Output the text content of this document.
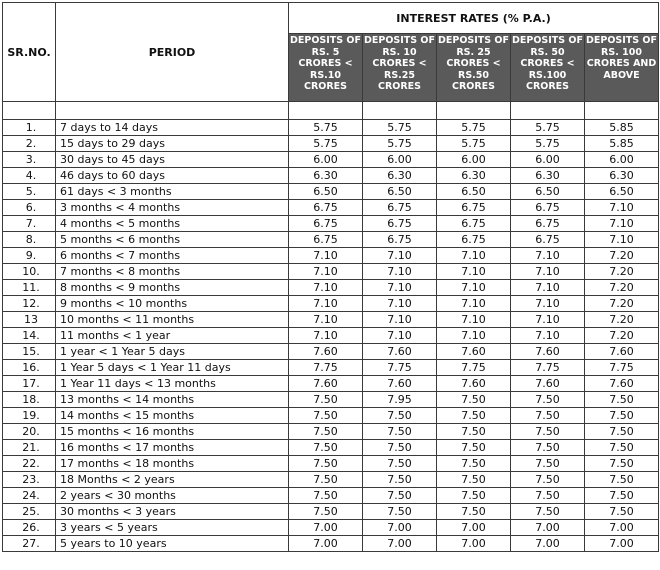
SR.NO.	PERIOD	INTEREST RATES (% P.A.)				
		DEPOSITS OF RS. 5 CRORES < RS.10 CRORES	DEPOSITS OF RS. 10 CRORES < RS.25 CRORES	DEPOSITS OF RS. 25 CRORES < RS.50 CRORES	DEPOSITS OF RS. 50 CRORES < RS.100 CRORES	DEPOSITS OF RS. 100 CRORES AND ABOVE

1.	7 days to 14 days	5.75	5.75	5.75	5.75	5.85
2.	15 days to 29 days	5.75	5.75	5.75	5.75	5.85
3.	30 days to 45 days	6.00	6.00	6.00	6.00	6.00
4.	46 days to 60 days	6.30	6.30	6.30	6.30	6.30
5.	61 days < 3 months	6.50	6.50	6.50	6.50	6.50
6.	3 months < 4 months	6.75	6.75	6.75	6.75	7.10
7.	4 months < 5 months	6.75	6.75	6.75	6.75	7.10
8.	5 months < 6 months	6.75	6.75	6.75	6.75	7.10
9.	6 months < 7 months	7.10	7.10	7.10	7.10	7.20
10.	7 months < 8 months	7.10	7.10	7.10	7.10	7.20
11.	8 months < 9 months	7.10	7.10	7.10	7.10	7.20
12.	9 months < 10 months	7.10	7.10	7.10	7.10	7.20
13	10 months < 11 months	7.10	7.10	7.10	7.10	7.20
14.	11 months < 1 year	7.10	7.10	7.10	7.10	7.20
15.	1 year < 1 Year 5 days	7.60	7.60	7.60	7.60	7.60
16.	1 Year 5 days < 1 Year 11 days	7.75	7.75	7.75	7.75	7.75
17.	1 Year 11 days < 13 months	7.60	7.60	7.60	7.60	7.60
18.	13 months < 14 months	7.50	7.95	7.50	7.50	7.50
19.	14 months < 15 months	7.50	7.50	7.50	7.50	7.50
20.	15 months < 16 months	7.50	7.50	7.50	7.50	7.50
21.	16 months < 17 months	7.50	7.50	7.50	7.50	7.50
22.	17 months < 18 months	7.50	7.50	7.50	7.50	7.50
23.	18 Months < 2 years	7.50	7.50	7.50	7.50	7.50
24.	2 years < 30 months	7.50	7.50	7.50	7.50	7.50
25.	30 months < 3 years	7.50	7.50	7.50	7.50	7.50
26.	3 years < 5 years	7.00	7.00	7.00	7.00	7.00
27.	5 years to 10 years	7.00	7.00	7.00	7.00	7.00
